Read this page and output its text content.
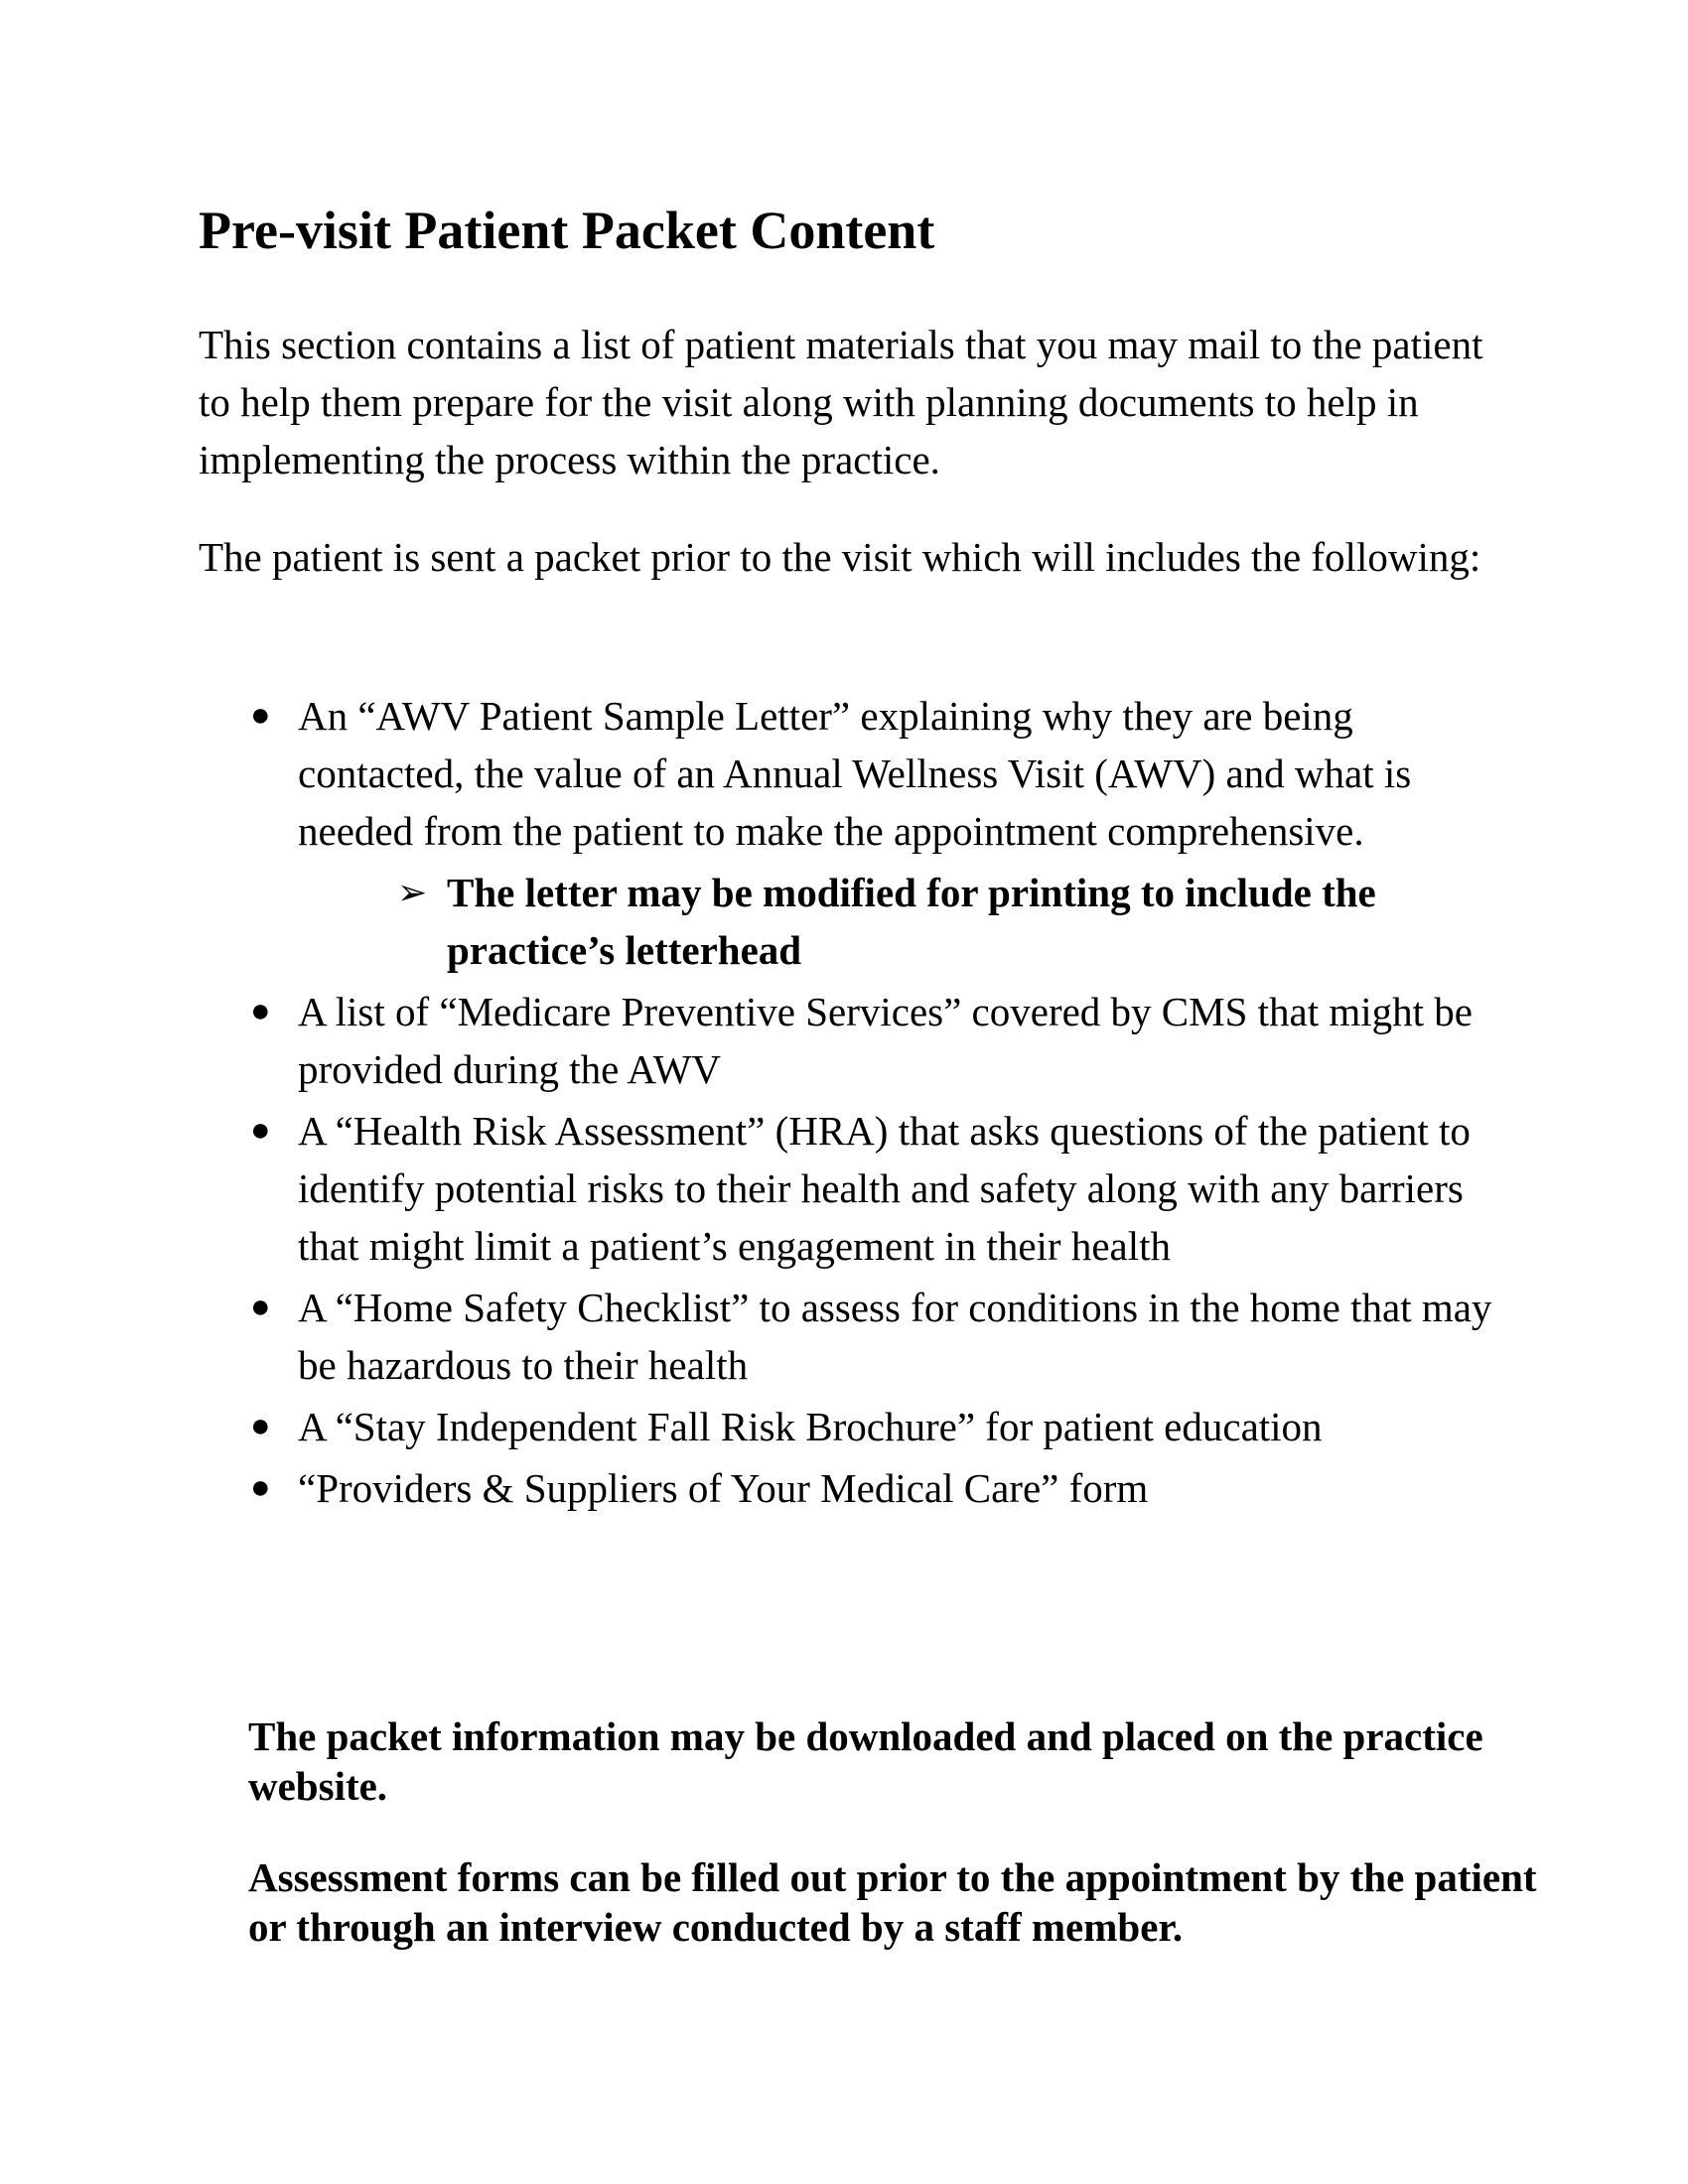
Pre-visit Patient Packet Content

This section contains a list of patient materials that you may mail to the patient to help them prepare for the visit along with planning documents to help in implementing the process within the practice.

The patient is sent a packet prior to the visit which will includes the following:

● An “AWV Patient Sample Letter” explaining why they are being contacted, the value of an Annual Wellness Visit (AWV) and what is needed from the patient to make the appointment comprehensive.
➢ The letter may be modified for printing to include the practice’s letterhead
● A list of “Medicare Preventive Services” covered by CMS that might be provided during the AWV
● A “Health Risk Assessment” (HRA) that asks questions of the patient to identify potential risks to their health and safety along with any barriers that might limit a patient’s engagement in their health
● A “Home Safety Checklist” to assess for conditions in the home that may be hazardous to their health
● A “Stay Independent Fall Risk Brochure” for patient education
● “Providers & Suppliers of Your Medical Care” form

The packet information may be downloaded and placed on the practice website.

Assessment forms can be filled out prior to the appointment by the patient or through an interview conducted by a staff member.
